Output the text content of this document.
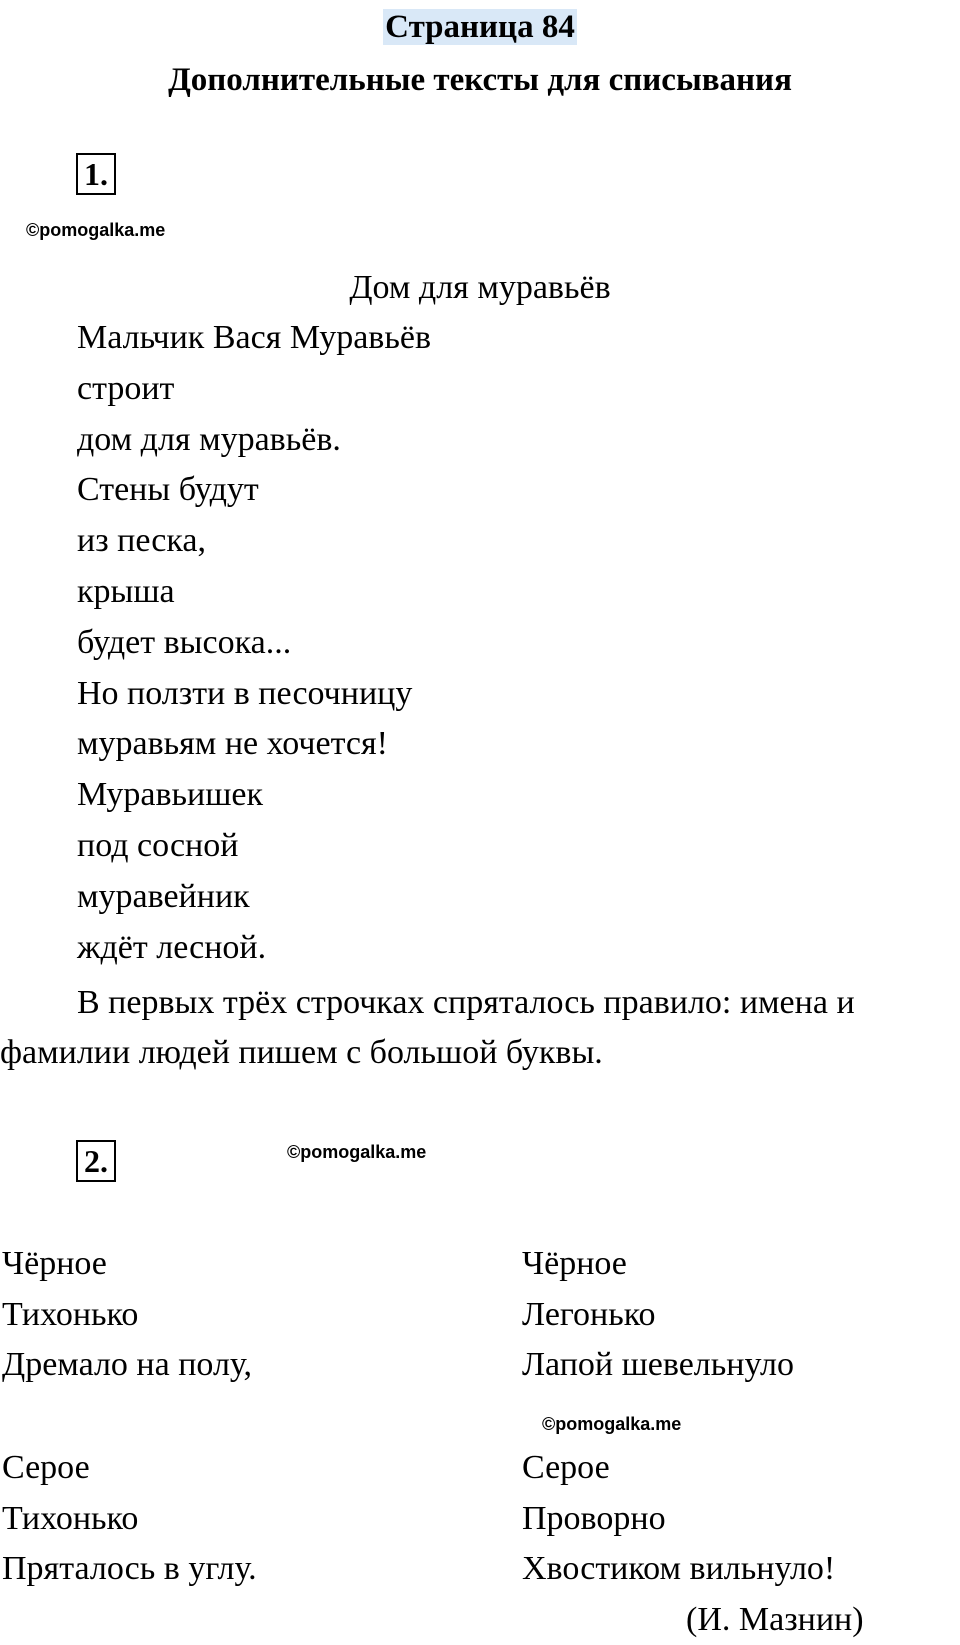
Страница 84
Дополнительные тексты для списывания
1.
©pomogalka.me
Дом для муравьёв
Мальчик Вася Муравьёв
строит
дом для муравьёв.
Стены будут
из песка,
крыша
будет высока...
Но ползти в песочницу
муравьям не хочется!
Муравьишек
под сосной
муравейник
ждёт лесной.

В первых трёх строчках спряталось правило: имена и фамилии людей пишем с большой буквы.

2.	©pomogalka.me
Чёрное
Тихонько
Дремало на полу,
Чёрное
Легонько
Лапой шевельнуло
©pomogalka.me
Серое
Тихонько
Пряталось в углу.
Серое
Проворно
Хвостиком вильнуло!
(И. Мазнин)
